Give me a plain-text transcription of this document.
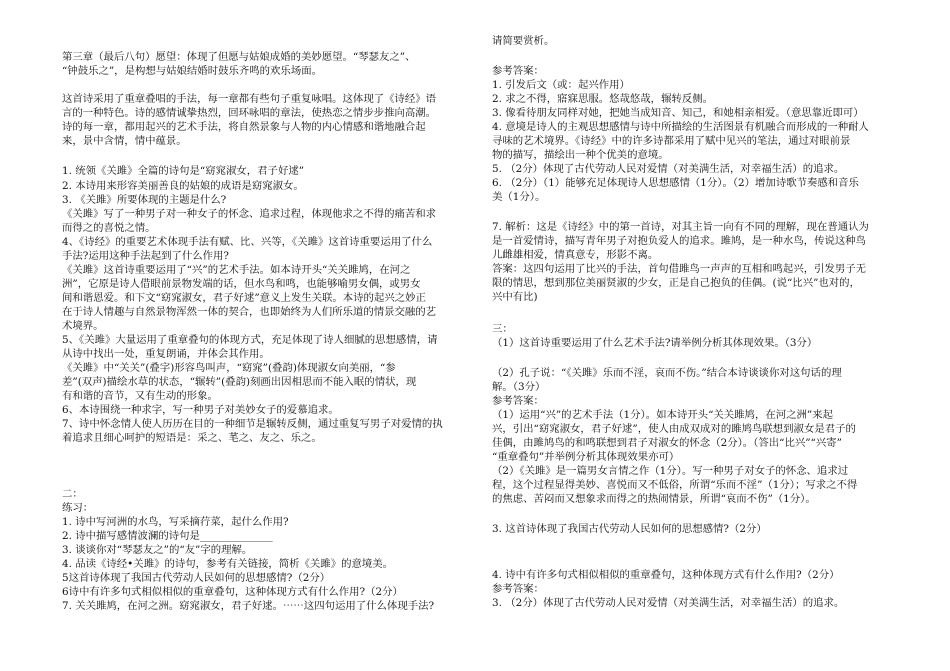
第三章（最后八句）愿望：体现了但愿与姑娘成婚的美妙愿望。“琴瑟友之”、
“钟鼓乐之”，是构想与姑娘结婚时鼓乐齐鸣的欢乐场面。
这首诗采用了重章叠唱的手法，每一章都有些句子重复咏唱。这体现了《诗经》语
言的一种特色。诗的感情诚挚热烈，回环咏唱的章法，使热恋之情步步推向高潮。
诗的每一章，都用起兴的艺术手法，将自然景象与人物的内心情感和谐地融合起
来，景中含情，情中蕴景。
1. 统领《关雎》全篇的诗句是“窈窕淑女，君子好逑”
2. 本诗用来形容美丽善良的姑娘的成语是窈窕淑女。
3. 《关雎》所要体现的主题是什么?
《关雎》写了一种男子对一种女子的怀念、追求过程，体现他求之不得的痛苦和求
而得之的喜悦之情。
4、《诗经》的重要艺术体现手法有赋、比、兴等，《关雎》这首诗重要运用了什么
手法?运用这种手法起到了什么作用?
《关雎》这首诗重要运用了“兴”的艺术手法。如本诗开头“关关雎鸠，在河之
洲”，它原是诗人借眼前景物发端的话，但水鸟和鸣，也能够喻男女偶，或男女
间和谐恩爱。和下文“窈窕淑女，君子好逑”意义上发生关联。本诗的起兴之妙正
在于诗人情趣与自然景物浑然一体的契合，也即始终为人们所乐道的情景交融的艺
术境界。
5、《关雎》大量运用了重章叠句的体现方式，充足体现了诗人细腻的思想感情，请
从诗中找出一处，重复朗诵，并体会其作用。
《关雎》中“关关”(叠字)形容鸟叫声，“窈窕”(叠韵)体现淑女向美丽，“参
差”(双声)描绘水草的状态，“辗转”(叠韵)刻画出因相思而不能入眠的情状，现
有和谐的音节，又有生动的形象。
6、本诗围绕一种求字，写一种男子对美妙女子的爱慕追求。
7、诗中怀念情人使人历历在目的一种细节是辗转反侧，通过重复写男子对爱情的执
着追求且细心呵护的短语是：采之、芼之、友之、乐之。
二：
练习：
1. 诗中写河洲的水鸟，写采摘荇菜，起什么作用?
2. 诗中描写感情波澜的诗句是______________
3. 谈谈你对“琴瑟友之”的“友”字的理解。
4. 品读《诗经•关雎》的诗句，参考有关链接，简析《关雎》的意境美。
5这首诗体现了我国古代劳动人民如何的思想感情?（2分）
6诗中有许多句式相似相似的重章叠句，这种体现方式有什么作用?（2分）
7. 关关雎鸠，在河之洲。窈窕淑女，君子好逑。⋯⋯这四句运用了什么体现手法?
请简要赏析。
参考答案：
1. 引发后文（或：起兴作用）
2. 求之不得，寤寐思服。悠哉悠哉，辗转反侧。
3. 像看待朋友同样对她，把她当成知音、知己，和她相亲相爱。（意思靠近即可）
4. 意境是诗人的主观思想感情与诗中所描绘的生活图景有机融合而形成的一种耐人
寻味的艺术境界。《诗经》中的许多诗都采用了赋中见兴的笔法，通过对眼前景
物的描写，描绘出一种个优美的意境。
5. （2分）体现了古代劳动人民对爱情（对美满生活，对幸福生活）的追求。
6. （2分）（1）能够充足体现诗人思想感情（1分）。（2）增加诗歌节奏感和音乐
美（1分）。
7. 解析：这是《诗经》中的第一首诗，对其主旨一向有不同的理解，现在普通认为
是一首爱情诗，描写青年男子对抱负爱人的追求。雎鸠，是一种水鸟，传说这种鸟
儿雌雄相爱，情真意专，形影不离。
答案：这四句运用了比兴的手法，首句借雎鸟一声声的互相和鸣起兴，引发男子无
限的情思，想到那位美丽贤淑的少女，正是自己抱负的佳偶。(说“比兴”也对的，
兴中有比)
三：
（1）这首诗重要运用了什么艺术手法?请举例分析其体现效果。（3分）
（2）孔子说：“《关雎》乐而不淫，哀而不伤。”结合本诗谈谈你对这句话的理
解。（3分）
参考答案：
（1）运用“兴”的艺术手法（1分）。如本诗开头“关关雎鸠，在河之洲”来起
兴，引出“窈窕淑女，君子好逑”，使人由成双成对的雎鸠鸟联想到淑女是君子的
佳偶，由雎鸠鸟的和鸣联想到君子对淑女的怀念（2分）。（答出“比兴”“兴寄”
“重章叠句”并举例分析其体现效果亦可）
（2）《关雎》是一篇男女言情之作（1分）。写一种男子对女子的怀念、追求过
程，这个过程显得美妙、喜悦而又不低俗，所谓“乐而不淫”（1分）；写求之不得
的焦虑、苦闷而又想象求而得之的热闹情景，所谓“哀而不伤”（1分）。
3. 这首诗体现了我国古代劳动人民如何的思想感情?（2分）
4. 诗中有许多句式相似相似的重章叠句，这种体现方式有什么作用?（2分）
参考答案：
3. （2分）体现了古代劳动人民对爱情（对美满生活，对幸福生活）的追求。
